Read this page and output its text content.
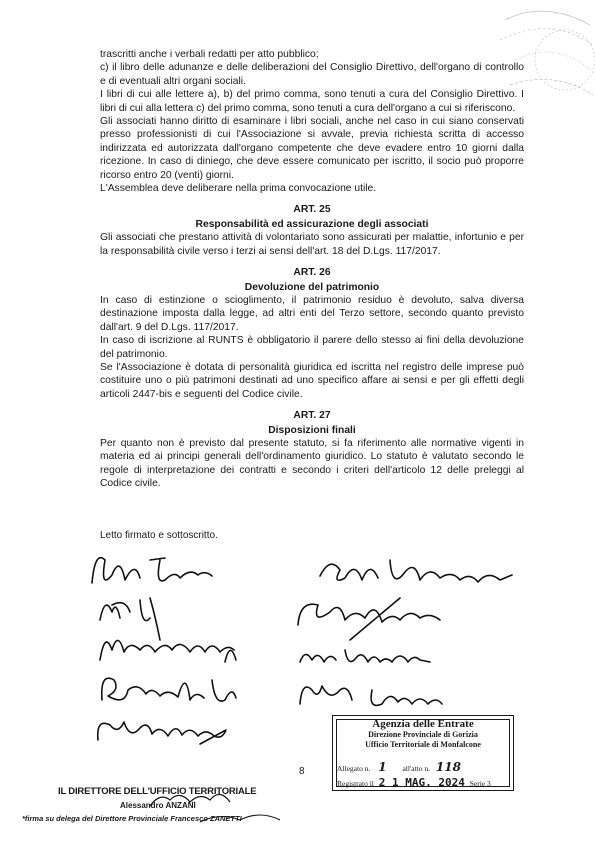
trascritti anche i verbali redatti per atto pubblico;

c) il libro delle adunanze e delle deliberazioni del Consiglio Direttivo, dell'organo di controllo e di eventuali altri organi sociali.

I libri di cui alle lettere a), b) del primo comma, sono tenuti a cura del Consiglio Direttivo. I libri di cui alla lettera c) del primo comma, sono tenuti a cura dell'organo a cui si riferiscono.

Gli associati hanno diritto di esaminare i libri sociali, anche nel caso in cui siano conservati presso professionisti di cui l'Associazione si avvale, previa richiesta scritta di accesso indirizzata ed autorizzata dall'organo competente che deve evadere entro 10 giorni dalla ricezione. In caso di diniego, che deve essere comunicato per iscritto, il socio può proporre ricorso entro 20 (venti) giorni.

L'Assemblea deve deliberare nella prima convocazione utile.

ART. 25
Responsabilità ed assicurazione degli associati

Gli associati che prestano attività di volontariato sono assicurati per malattie, infortunio e per la responsabilità civile verso i terzi ai sensi dell'art. 18 del D.Lgs. 117/2017.

ART. 26
Devoluzione del patrimonio

In caso di estinzione o scioglimento, il patrimonio residuo è devoluto, salva diversa destinazione imposta dalla legge, ad altri enti del Terzo settore, secondo quanto previsto dall'art. 9 del D.Lgs. 117/2017.

In caso di iscrizione al RUNTS è obbligatorio il parere dello stesso ai fini della devoluzione del patrimonio.

Se l'Associazione è dotata di personalità giuridica ed iscritta nel registro delle imprese può costituire uno o più patrimoni destinati ad uno specifico affare ai sensi e per gli effetti degli articoli 2447-bis e seguenti del Codice civile.

ART. 27
Disposizioni finali

Per quanto non è previsto dal presente statuto, si fa riferimento alle normative vigenti in materia ed ai principi generali dell'ordinamento giuridico. Lo statuto è valutato secondo le regole di interpretazione dei contratti e secondo i criteri dell'articolo 12 delle preleggi al Codice civile.

Letto firmato e sottoscritto.
Agenzia delle Entrate
Direzione Provinciale di Gorizia
Ufficio Territoriale di Monfalcone
Allegato n. 1 all'atto n. 118
Registrato il 2 1 MAG. 2024 Serie 3
8
IL DIRETTORE DELL'UFFICIO TERRITORIALE
Alessandro ANZANI
*firma su delega del Direttore Provinciale Francesco ZANETTI
